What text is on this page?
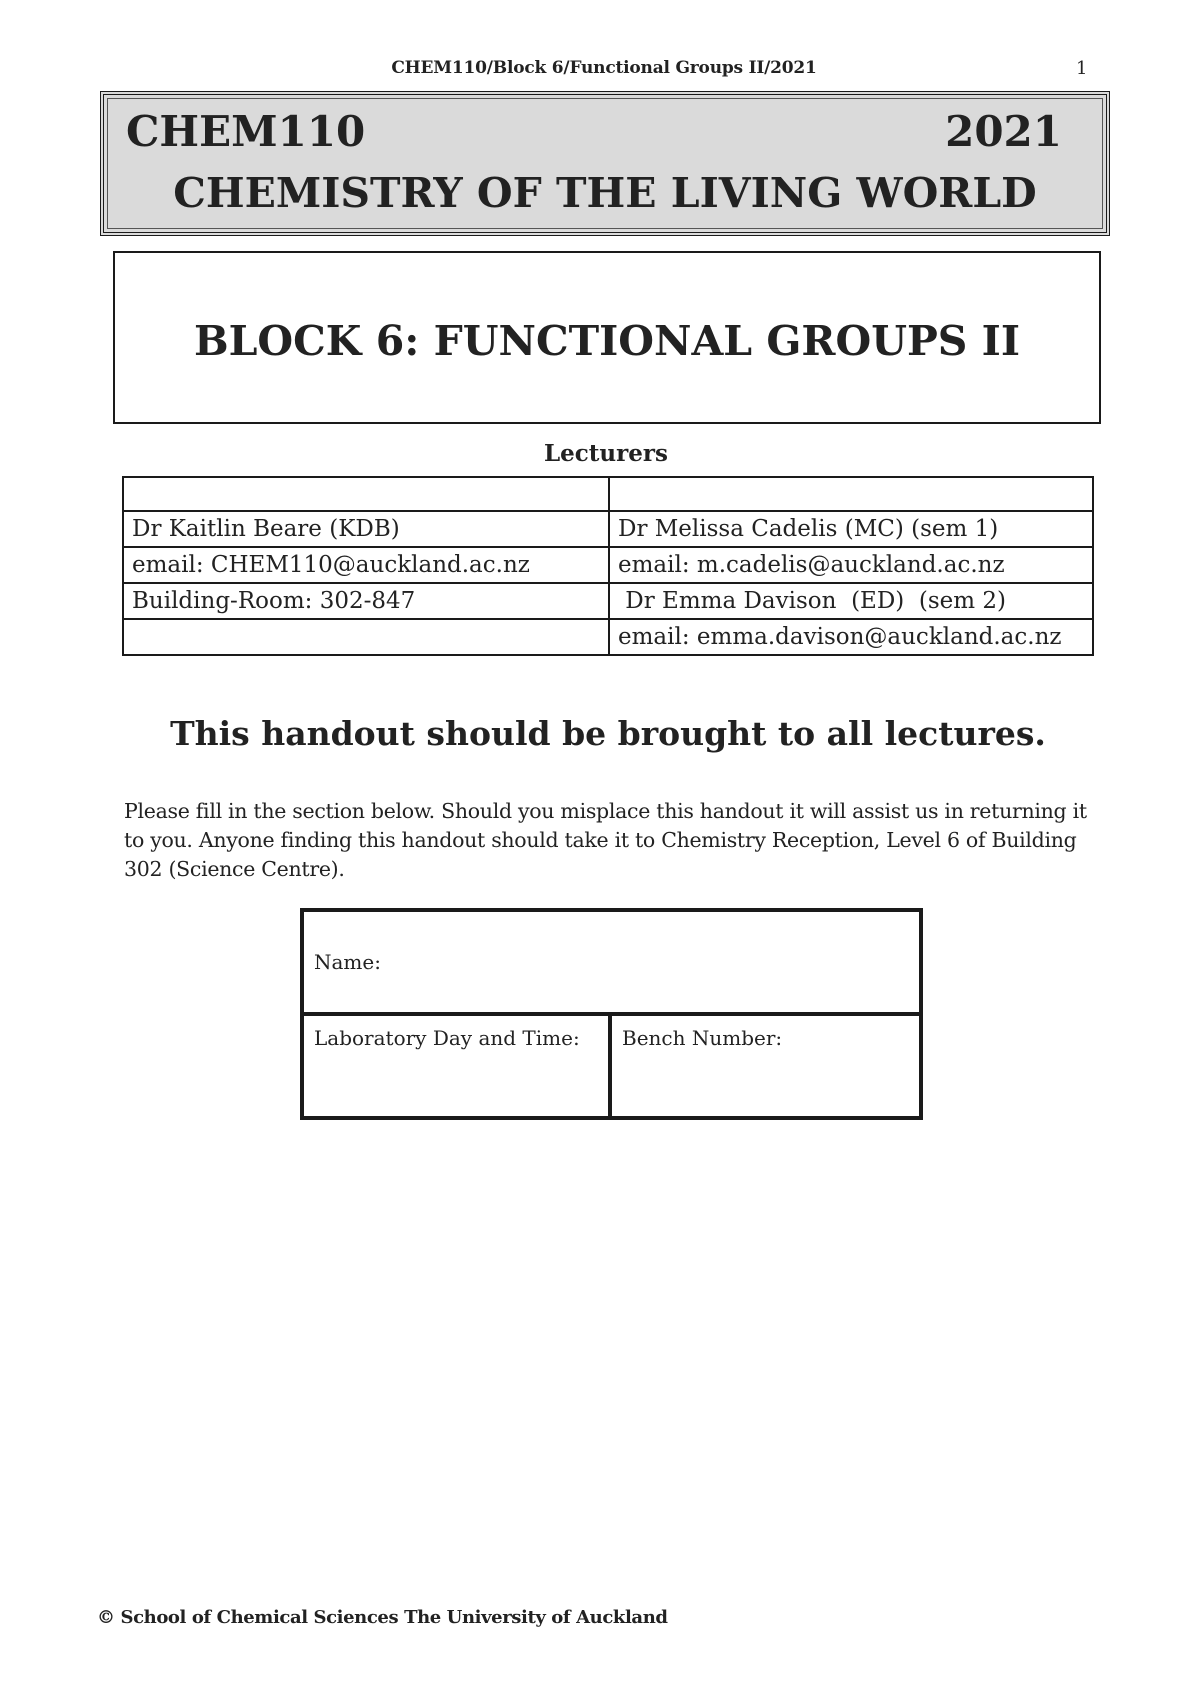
CHEM110/Block 6/Functional Groups II/2021	1
CHEM110	2021
CHEMISTRY OF THE LIVING WORLD
BLOCK 6: FUNCTIONAL GROUPS II
Lecturers

Dr Kaitlin Beare (KDB)	Dr Melissa Cadelis (MC) (sem 1)
email: CHEM110@auckland.ac.nz	email: m.cadelis@auckland.ac.nz
Building-Room: 302-847	Dr Emma Davison  (ED)  (sem 2)
	email: emma.davison@auckland.ac.nz
This handout should be brought to all lectures.
Please fill in the section below. Should you misplace this handout it will assist us in returning it to you. Anyone finding this handout should take it to Chemistry Reception, Level 6 of Building 302 (Science Centre).
Name:
Laboratory Day and Time:	Bench Number:
© School of Chemical Sciences The University of Auckland
